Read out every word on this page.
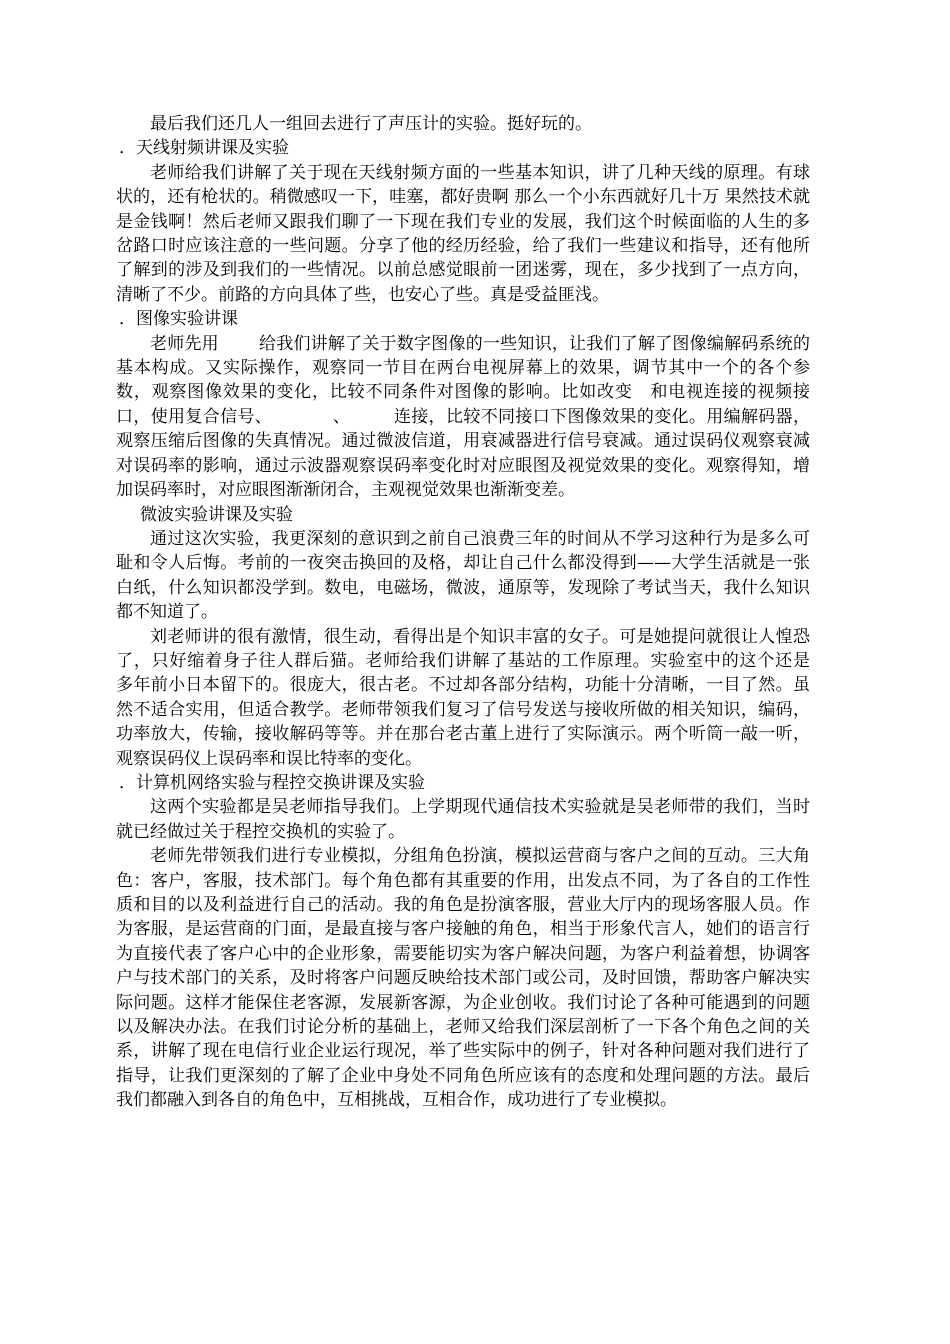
最后我们还几人一组回去进行了声压计的实验。挺好玩的。

．天线射频讲课及实验

老师给我们讲解了关于现在天线射频方面的一些基本知识，讲了几种天线的原理。有球状的，还有枪状的。稍微感叹一下，哇塞，都好贵啊 那么一个小东西就好几十万 果然技术就是金钱啊！然后老师又跟我们聊了一下现在我们专业的发展，我们这个时候面临的人生的多岔路口时应该注意的一些问题。分享了他的经历经验，给了我们一些建议和指导，还有他所了解到的涉及到我们的一些情况。以前总感觉眼前一团迷雾，现在，多少找到了一点方向，清晰了不少。前路的方向具体了些，也安心了些。真是受益匪浅。

．图像实验讲课

老师先用　　 给我们讲解了关于数字图像的一些知识，让我们了解了图像编解码系统的基本构成。又实际操作，观察同一节目在两台电视屏幕上的效果，调节其中一个的各个参数，观察图像效果的变化，比较不同条件对图像的影响。比如改变　和电视连接的视频接口，使用复合信号、　　　　、　　　连接，比较不同接口下图像效果的变化。用编解码器，观察压缩后图像的失真情况。通过微波信道，用衰减器进行信号衰减。通过误码仪观察衰减对误码率的影响，通过示波器观察误码率变化时对应眼图及视觉效果的变化。观察得知，增加误码率时，对应眼图渐渐闭合，主观视觉效果也渐渐变差。

微波实验讲课及实验

通过这次实验，我更深刻的意识到之前自己浪费三年的时间从不学习这种行为是多么可耻和令人后悔。考前的一夜突击换回的及格，却让自己什么都没得到——大学生活就是一张白纸，什么知识都没学到。数电，电磁场，微波，通原等，发现除了考试当天，我什么知识都不知道了。

刘老师讲的很有激情，很生动，看得出是个知识丰富的女子。可是她提问就很让人惶恐了，只好缩着身子往人群后猫。老师给我们讲解了基站的工作原理。实验室中的这个还是　　多年前小日本留下的。很庞大，很古老。不过却各部分结构，功能十分清晰，一目了然。虽然不适合实用，但适合教学。老师带领我们复习了信号发送与接收所做的相关知识，编码，功率放大，传输，接收解码等等。并在那台老古董上进行了实际演示。两个听筒一敲一听，观察误码仪上误码率和误比特率的变化。

．计算机网络实验与程控交换讲课及实验

这两个实验都是吴老师指导我们。上学期现代通信技术实验就是吴老师带的我们，当时就已经做过关于程控交换机的实验了。

老师先带领我们进行专业模拟，分组角色扮演，模拟运营商与客户之间的互动。三大角色：客户，客服，技术部门。每个角色都有其重要的作用，出发点不同，为了各自的工作性质和目的以及利益进行自己的活动。我的角色是扮演客服，营业大厅内的现场客服人员。作为客服，是运营商的门面，是最直接与客户接触的角色，相当于形象代言人，她们的语言行为直接代表了客户心中的企业形象，需要能切实为客户解决问题，为客户利益着想，协调客户与技术部门的关系，及时将客户问题反映给技术部门或公司，及时回馈，帮助客户解决实际问题。这样才能保住老客源，发展新客源，为企业创收。我们讨论了各种可能遇到的问题以及解决办法。在我们讨论分析的基础上，老师又给我们深层剖析了一下各个角色之间的关系，讲解了现在电信行业企业运行现况，举了些实际中的例子，针对各种问题对我们进行了指导，让我们更深刻的了解了企业中身处不同角色所应该有的态度和处理问题的方法。最后我们都融入到各自的角色中，互相挑战，互相合作，成功进行了专业模拟。
